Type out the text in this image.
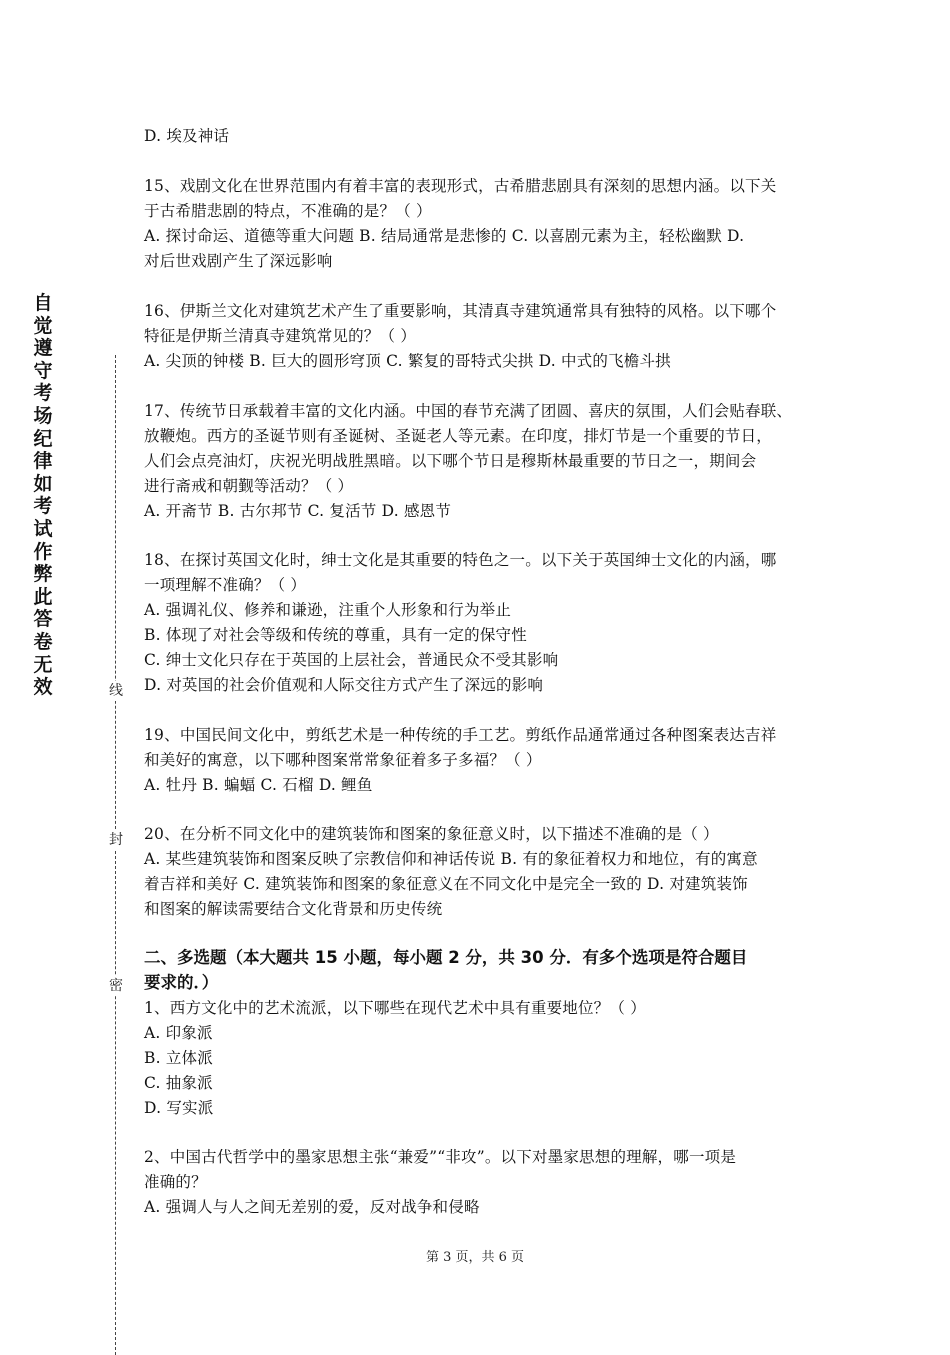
自觉遵守考场纪律如考试作弊此答卷无效	线
封
密
D. 埃及神话
15、戏剧文化在世界范围内有着丰富的表现形式，古希腊悲剧具有深刻的思想内涵。以下关
于古希腊悲剧的特点，不准确的是？（ ）
A. 探讨命运、道德等重大问题 B. 结局通常是悲惨的 C. 以喜剧元素为主，轻松幽默 D.
对后世戏剧产生了深远影响
16、伊斯兰文化对建筑艺术产生了重要影响，其清真寺建筑通常具有独特的风格。以下哪个
特征是伊斯兰清真寺建筑常见的？（ ）
A. 尖顶的钟楼 B. 巨大的圆形穹顶 C. 繁复的哥特式尖拱 D. 中式的飞檐斗拱
17、传统节日承载着丰富的文化内涵。中国的春节充满了团圆、喜庆的氛围，人们会贴春联、
放鞭炮。西方的圣诞节则有圣诞树、圣诞老人等元素。在印度，排灯节是一个重要的节日，
人们会点亮油灯，庆祝光明战胜黑暗。以下哪个节日是穆斯林最重要的节日之一，期间会
进行斋戒和朝觐等活动？（ ）
A. 开斋节 B. 古尔邦节 C. 复活节 D. 感恩节
18、在探讨英国文化时，绅士文化是其重要的特色之一。以下关于英国绅士文化的内涵，哪
一项理解不准确？（ ）
A. 强调礼仪、修养和谦逊，注重个人形象和行为举止
B. 体现了对社会等级和传统的尊重，具有一定的保守性
C. 绅士文化只存在于英国的上层社会，普通民众不受其影响
D. 对英国的社会价值观和人际交往方式产生了深远的影响
19、中国民间文化中，剪纸艺术是一种传统的手工艺。剪纸作品通常通过各种图案表达吉祥
和美好的寓意，以下哪种图案常常象征着多子多福？（ ）
A. 牡丹 B. 蝙蝠 C. 石榴 D. 鲤鱼
20、在分析不同文化中的建筑装饰和图案的象征意义时，以下描述不准确的是（ ）
A. 某些建筑装饰和图案反映了宗教信仰和神话传说 B. 有的象征着权力和地位，有的寓意
着吉祥和美好 C. 建筑装饰和图案的象征意义在不同文化中是完全一致的 D. 对建筑装饰
和图案的解读需要结合文化背景和历史传统
二、多选题（本大题共 15 小题，每小题 2 分，共 30 分．有多个选项是符合题目
要求的．）
1、西方文化中的艺术流派，以下哪些在现代艺术中具有重要地位？（ ）
A. 印象派
B. 立体派
C. 抽象派
D. 写实派
2、中国古代哲学中的墨家思想主张“兼爱”“非攻”。以下对墨家思想的理解，哪一项是
准确的？
A. 强调人与人之间无差别的爱，反对战争和侵略
第 3 页，共 6 页
